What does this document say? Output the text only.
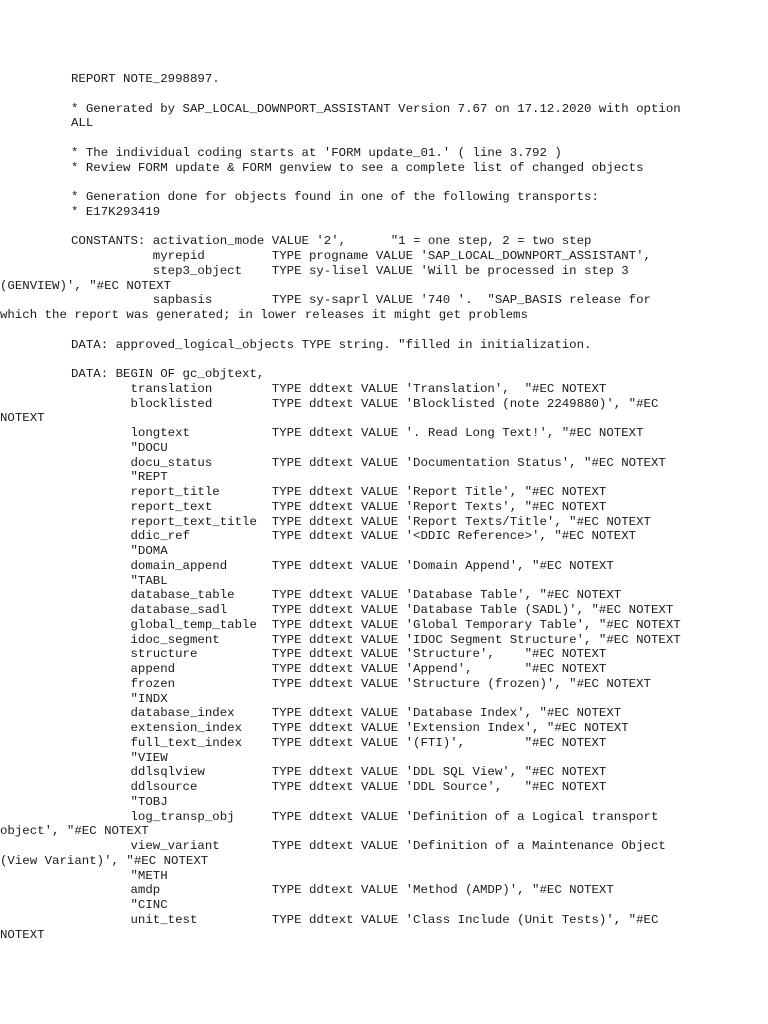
REPORT NOTE_2998897.
* Generated by SAP_LOCAL_DOWNPORT_ASSISTANT Version 7.67 on 17.12.2020 with option
ALL
* The individual coding starts at 'FORM update_01.' ( line 3.792 )
* Review FORM update & FORM genview to see a complete list of changed objects
* Generation done for objects found in one of the following transports:
* E17K293419
CONSTANTS: activation_mode VALUE '2',      "1 = one step, 2 = two step
myrepid         TYPE progname VALUE 'SAP_LOCAL_DOWNPORT_ASSISTANT',
step3_object    TYPE sy-lisel VALUE 'Will be processed in step 3
(GENVIEW)', "#EC NOTEXT
sapbasis        TYPE sy-saprl VALUE '740 '.  "SAP_BASIS release for
which the report was generated; in lower releases it might get problems
DATA: approved_logical_objects TYPE string. "filled in initialization.
DATA: BEGIN OF gc_objtext,
translation        TYPE ddtext VALUE 'Translation',  "#EC NOTEXT
blocklisted        TYPE ddtext VALUE 'Blocklisted (note 2249880)', "#EC
NOTEXT
longtext           TYPE ddtext VALUE '. Read Long Text!', "#EC NOTEXT
"DOCU
docu_status        TYPE ddtext VALUE 'Documentation Status', "#EC NOTEXT
"REPT
report_title       TYPE ddtext VALUE 'Report Title', "#EC NOTEXT
report_text        TYPE ddtext VALUE 'Report Texts', "#EC NOTEXT
report_text_title  TYPE ddtext VALUE 'Report Texts/Title', "#EC NOTEXT
ddic_ref           TYPE ddtext VALUE '<DDIC Reference>', "#EC NOTEXT
"DOMA
domain_append      TYPE ddtext VALUE 'Domain Append', "#EC NOTEXT
"TABL
database_table     TYPE ddtext VALUE 'Database Table', "#EC NOTEXT
database_sadl      TYPE ddtext VALUE 'Database Table (SADL)', "#EC NOTEXT
global_temp_table  TYPE ddtext VALUE 'Global Temporary Table', "#EC NOTEXT
idoc_segment       TYPE ddtext VALUE 'IDOC Segment Structure', "#EC NOTEXT
structure          TYPE ddtext VALUE 'Structure',    "#EC NOTEXT
append             TYPE ddtext VALUE 'Append',       "#EC NOTEXT
frozen             TYPE ddtext VALUE 'Structure (frozen)', "#EC NOTEXT
"INDX
database_index     TYPE ddtext VALUE 'Database Index', "#EC NOTEXT
extension_index    TYPE ddtext VALUE 'Extension Index', "#EC NOTEXT
full_text_index    TYPE ddtext VALUE '(FTI)',        "#EC NOTEXT
"VIEW
ddlsqlview         TYPE ddtext VALUE 'DDL SQL View', "#EC NOTEXT
ddlsource          TYPE ddtext VALUE 'DDL Source',   "#EC NOTEXT
"TOBJ
log_transp_obj     TYPE ddtext VALUE 'Definition of a Logical transport
object', "#EC NOTEXT
view_variant       TYPE ddtext VALUE 'Definition of a Maintenance Object
(View Variant)', "#EC NOTEXT
"METH
amdp               TYPE ddtext VALUE 'Method (AMDP)', "#EC NOTEXT
"CINC
unit_test          TYPE ddtext VALUE 'Class Include (Unit Tests)', "#EC
NOTEXT
